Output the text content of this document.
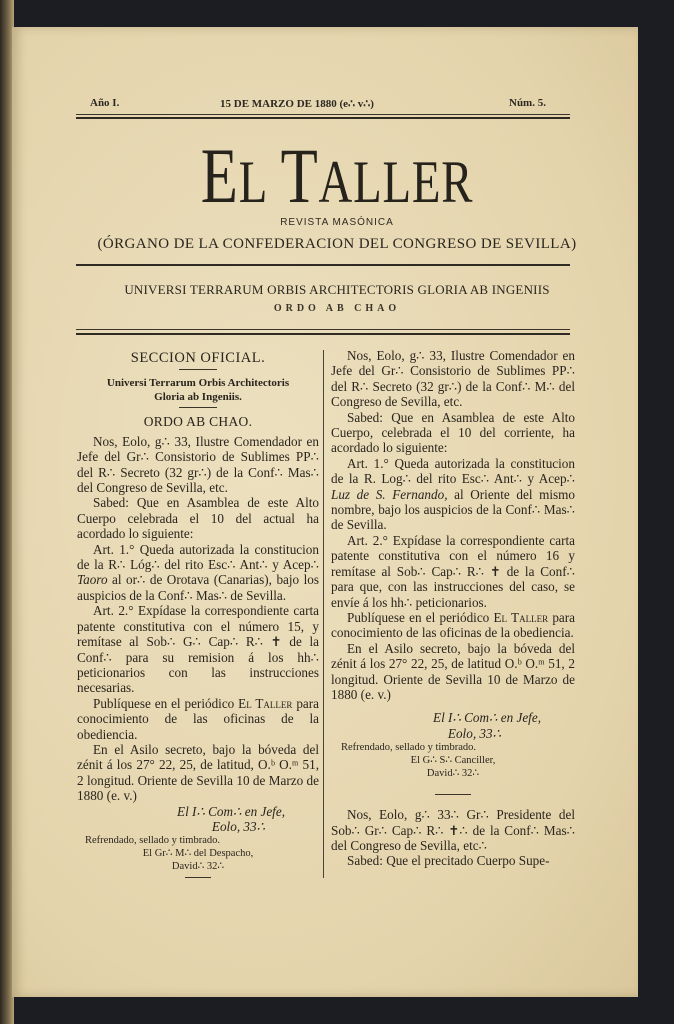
Año I.	15 DE MARZO DE 1880 (e∴ v∴)	Núm. 5.
EL TALLER
REVISTA MASÓNICA
(ÓRGANO DE LA CONFEDERACION DEL CONGRESO DE SEVILLA)
UNIVERSI TERRARUM ORBIS ARCHITECTORIS GLORIA AB INGENIIS
ORDO AB CHAO
SECCION OFICIAL.
Universi Terrarum Orbis Architectoris
Gloria ab Ingeniis.
ORDO AB CHAO.

Nos, Eolo, g∴ 33, Ilustre Comendador en Jefe del Gr∴ Consistorio de Sublimes PP∴ del R∴ Secreto (32 gr∴) de la Conf∴ Mas∴ del Congreso de Sevilla, etc.

Sabed: Que en Asamblea de este Alto Cuerpo celebrada el 10 del actual ha acordado lo siguiente:

Art. 1.° Queda autorizada la constitucion de la R∴ Lóg∴ del rito Esc∴ Ant∴ y Acep∴ Taoro al or∴ de Orotava (Canarias), bajo los auspicios de la Conf∴ Mas∴ de Sevilla.

Art. 2.° Expídase la correspondiente carta patente constitutiva con el número 15, y remítase al Sob∴ G∴ Cap∴ R∴ ✝ de la Conf∴ para su remision á los hh∴ peticionarios con las instrucciones necesarias.

Publíquese en el periódico El Taller para conocimiento de las oficinas de la obediencia.

En el Asilo secreto, bajo la bóveda del zénit á los 27° 22, 25, de latitud, O.ᵇ O.ᵐ 51, 2 longitud. Oriente de Sevilla 10 de Marzo de 1880 (e. v.)

El I∴ Com∴ en Jefe,
Eolo, 33∴
Refrendado, sellado y timbrado.
El Gr∴ M∴ del Despacho,
David∴ 32∴

Nos, Eolo, g∴ 33, Ilustre Comendador en Jefe del Gr∴ Consistorio de Sublimes PP∴ del R∴ Secreto (32 gr∴) de la Conf∴ M∴ del Congreso de Sevilla, etc.

Sabed: Que en Asamblea de este Alto Cuerpo, celebrada el 10 del corriente, ha acordado lo siguiente:

Art. 1.° Queda autorizada la constitucion de la R. Log∴ del rito Esc∴ Ant∴ y Acep∴ Luz de S. Fernando, al Oriente del mismo nombre, bajo los auspicios de la Conf∴ Mas∴ de Sevilla.

Art. 2.° Expídase la correspondiente carta patente constitutiva con el número 16 y remítase al Sob∴ Cap∴ R∴ ✝ de la Conf∴ para que, con las instrucciones del caso, se envíe á los hh∴ peticionarios.

Publíquese en el periódico El Taller para conocimiento de las oficinas de la obediencia.

En el Asilo secreto, bajo la bóveda del zénit á los 27° 22, 25, de latitud O.ᵇ O.ᵐ 51, 2 longitud. Oriente de Sevilla 10 de Marzo de 1880 (e. v.)

El I∴ Com∴ en Jefe,
Eolo, 33∴
Refrendado, sellado y timbrado.
El G∴ S∴ Canciller,
David∴ 32∴

Nos, Eolo, g∴ 33∴ Gr∴ Presidente del Sob∴ Gr∴ Cap∴ R∴ ✝∴ de la Conf∴ Mas∴ del Congreso de Sevilla, etc∴

Sabed: Que el precitado Cuerpo Supe-
